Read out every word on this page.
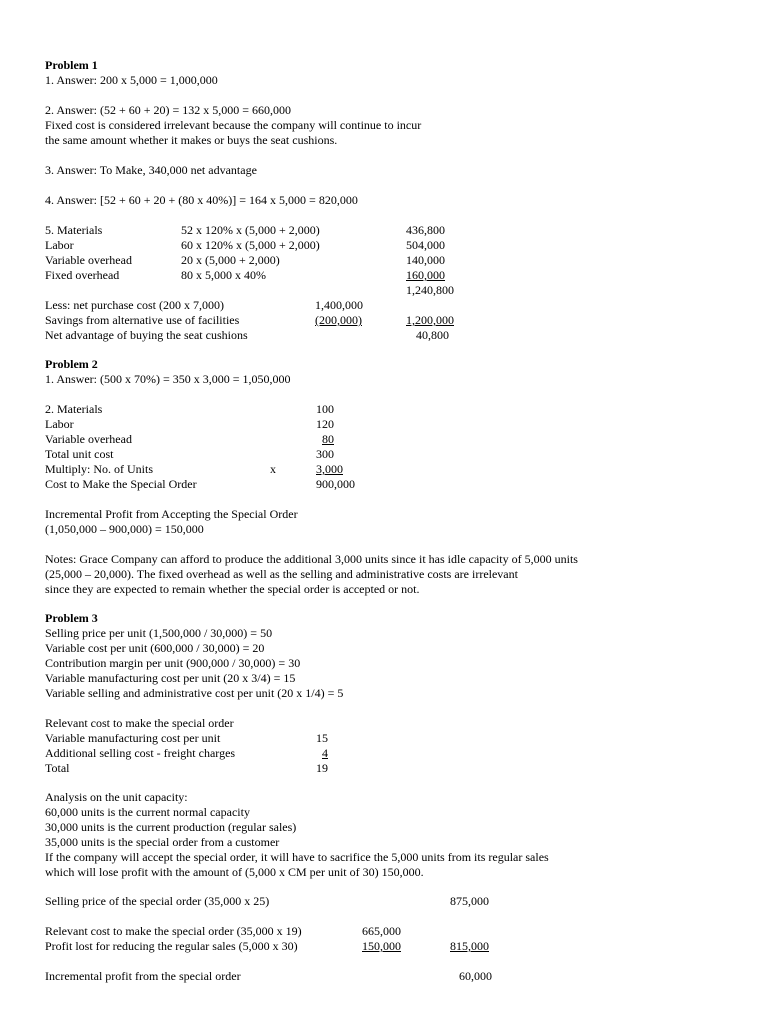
Problem 1
1. Answer: 200 x 5,000 = 1,000,000
2. Answer: (52 + 60 + 20) = 132 x 5,000 = 660,000
Fixed cost is considered irrelevant because the company will continue to incur
the same amount whether it makes or buys the seat cushions.
3. Answer: To Make, 340,000 net advantage
4. Answer: [52 + 60 + 20 + (80 x 40%)] = 164 x 5,000 = 820,000
5. Materials	52 x 120% x (5,000 + 2,000)	436,800
Labor	60 x 120% x (5,000 + 2,000)	504,000
Variable overhead	20 x (5,000 + 2,000)	140,000
Fixed overhead	80 x 5,000 x 40%	160,000
1,240,800
Less: net purchase cost (200 x 7,000)	1,400,000
Savings from alternative use of facilities	(200,000)	1,200,000
Net advantage of buying the seat cushions	40,800
Problem 2
1. Answer: (500 x 70%) = 350 x 3,000 = 1,050,000
2. Materials	100
Labor	120
Variable overhead	80
Total unit cost	300
Multiply: No. of Units	x	3,000
Cost to Make the Special Order	900,000
Incremental Profit from Accepting the Special Order
(1,050,000 – 900,000) = 150,000
Notes: Grace Company can afford to produce the additional 3,000 units since it has idle capacity of 5,000 units
(25,000 – 20,000). The fixed overhead as well as the selling and administrative costs are irrelevant
since they are expected to remain whether the special order is accepted or not.
Problem 3
Selling price per unit (1,500,000 / 30,000) = 50
Variable cost per unit (600,000 / 30,000) = 20
Contribution margin per unit (900,000 / 30,000) = 30
Variable manufacturing cost per unit (20 x 3/4) = 15
Variable selling and administrative cost per unit (20 x 1/4) = 5
Relevant cost to make the special order
Variable manufacturing cost per unit	15
Additional selling cost - freight charges	4
Total	19
Analysis on the unit capacity:
60,000 units is the current normal capacity
30,000 units is the current production (regular sales)
35,000 units is the special order from a customer
If the company will accept the special order, it will have to sacrifice the 5,000 units from its regular sales
which will lose profit with the amount of (5,000 x CM per unit of 30) 150,000.
Selling price of the special order (35,000 x 25)	875,000
Relevant cost to make the special order (35,000 x 19)	665,000
Profit lost for reducing the regular sales (5,000 x 30)	150,000	815,000
Incremental profit from the special order	60,000
